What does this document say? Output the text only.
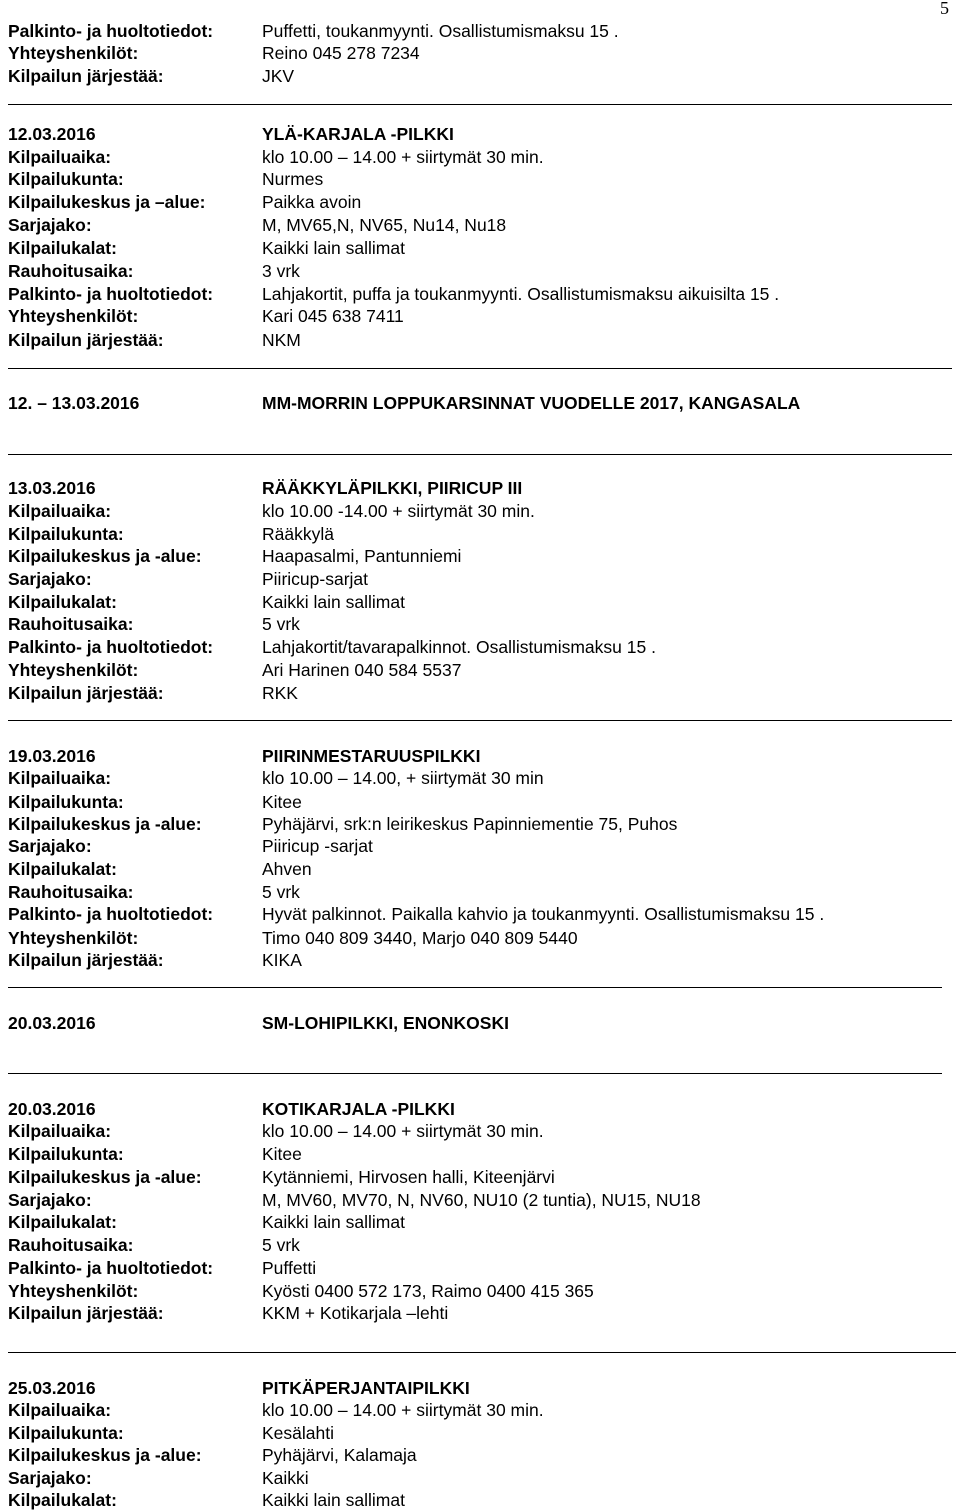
5
Palkinto- ja huoltotiedot:	Puffetti, toukanmyynti. Osallistumismaksu 15 .
Yhteyshenkilöt:	Reino 045 278 7234
Kilpailun järjestää:	JKV
12.03.2016	YLÄ-KARJALA -PILKKI
Kilpailuaika:	klo 10.00 – 14.00 + siirtymät 30 min.
Kilpailukunta:	Nurmes
Kilpailukeskus ja –alue:	Paikka avoin
Sarjajako:	M, MV65,N, NV65, Nu14, Nu18
Kilpailukalat:	Kaikki lain sallimat
Rauhoitusaika:	3 vrk
Palkinto- ja huoltotiedot:	Lahjakortit, puffa ja toukanmyynti. Osallistumismaksu aikuisilta 15 .
Yhteyshenkilöt:	Kari 045 638 7411
Kilpailun järjestää:	NKM
12. – 13.03.2016	MM-MORRIN LOPPUKARSINNAT VUODELLE 2017, KANGASALA
13.03.2016	RÄÄKKYLÄPILKKI, PIIRICUP III
Kilpailuaika:	klo 10.00 -14.00 + siirtymät 30 min.
Kilpailukunta:	Rääkkylä
Kilpailukeskus ja -alue:	Haapasalmi, Pantunniemi
Sarjajako:	Piiricup-sarjat
Kilpailukalat:	Kaikki lain sallimat
Rauhoitusaika:	5 vrk
Palkinto- ja huoltotiedot:	Lahjakortit/tavarapalkinnot. Osallistumismaksu 15 .
Yhteyshenkilöt:	Ari Harinen 040 584 5537
Kilpailun järjestää:	RKK
19.03.2016	PIIRINMESTARUUSPILKKI
Kilpailuaika:	klo 10.00 – 14.00, + siirtymät 30 min
Kilpailukunta:	Kitee
Kilpailukeskus ja -alue:	Pyhäjärvi, srk:n leirikeskus Papinniementie 75, Puhos
Sarjajako:	Piiricup -sarjat
Kilpailukalat:	Ahven
Rauhoitusaika:	5 vrk
Palkinto- ja huoltotiedot:	Hyvät palkinnot. Paikalla kahvio ja toukanmyynti. Osallistumismaksu 15 .
Yhteyshenkilöt:	Timo 040 809 3440, Marjo 040 809 5440
Kilpailun järjestää:	KIKA
20.03.2016	SM-LOHIPILKKI, ENONKOSKI
20.03.2016	KOTIKARJALA -PILKKI
Kilpailuaika:	klo 10.00 – 14.00 + siirtymät 30 min.
Kilpailukunta:	Kitee
Kilpailukeskus ja -alue:	Kytänniemi, Hirvosen halli, Kiteenjärvi
Sarjajako:	M, MV60, MV70, N, NV60, NU10 (2 tuntia), NU15, NU18
Kilpailukalat:	Kaikki lain sallimat
Rauhoitusaika:	5 vrk
Palkinto- ja huoltotiedot:	Puffetti
Yhteyshenkilöt:	Kyösti 0400 572 173, Raimo 0400 415 365
Kilpailun järjestää:	KKM + Kotikarjala –lehti
25.03.2016	PITKÄPERJANTAIPILKKI
Kilpailuaika:	klo 10.00 – 14.00 + siirtymät 30 min.
Kilpailukunta:	Kesälahti
Kilpailukeskus ja -alue:	Pyhäjärvi, Kalamaja
Sarjajako:	Kaikki
Kilpailukalat:	Kaikki lain sallimat
